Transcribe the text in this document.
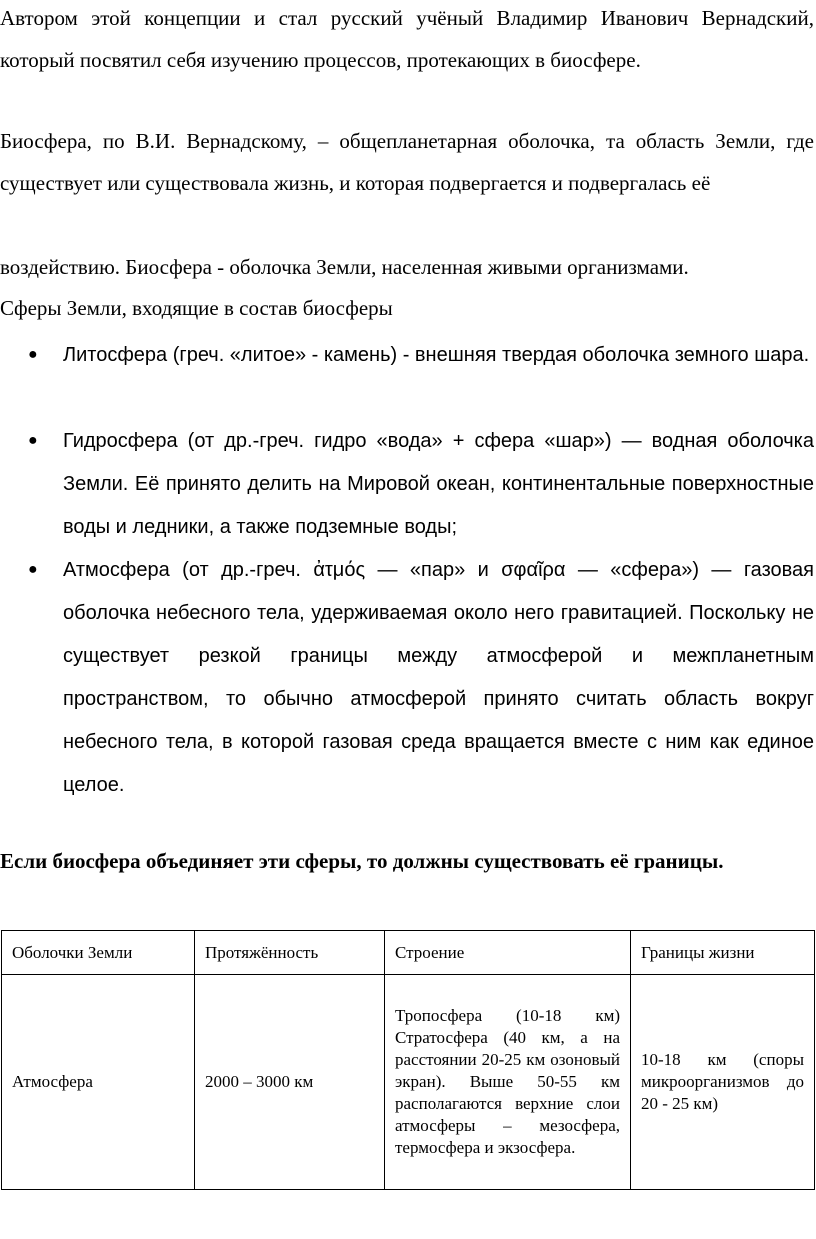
Автором этой концепции и стал русский учёный Владимир Иванович Вернадский, который посвятил себя изучению процессов, протекающих в биосфере.

Биосфера, по В.И. Вернадскому, – общепланетарная оболочка, та область Земли, где существует или существовала жизнь, и которая подвергается и подвергалась её

воздействию. Биосфера - оболочка Земли, населенная живыми организмами.

Сферы Земли, входящие в состав биосферы

●	Литосфера (греч. «литое» - камень) - внешняя твердая оболочка земного шара.

●	Гидросфера (от др.-греч. гидро «вода» + сфера «шар») — водная оболочка Земли. Её принято делить на Мировой океан, континентальные поверхностные воды и ледники, а также подземные воды;

●	Атмосфера (от др.-греч. ἀτμός — «пар» и σφαῖρα — «сфера») — газовая оболочка небесного тела, удерживаемая около него гравитацией. Поскольку не существует резкой границы между атмосферой и межпланетным пространством, то обычно атмосферой принято считать область вокруг небесного тела, в которой газовая среда вращается вместе с ним как единое целое.

Если биосфера объединяет эти сферы, то должны существовать её границы.

Оболочки Земли	Протяжённость	Строение	Границы жизни
Атмосфера	2000 – 3000 км	Тропосфера (10-18 км) Стратосфера (40 км, а на расстоянии 20-25 км озоновый экран). Выше 50-55 км располагаются верхние слои атмосферы – мезосфера, термосфера и экзосфера.	10-18 км (споры микроорганизмов до 20 - 25 км)
